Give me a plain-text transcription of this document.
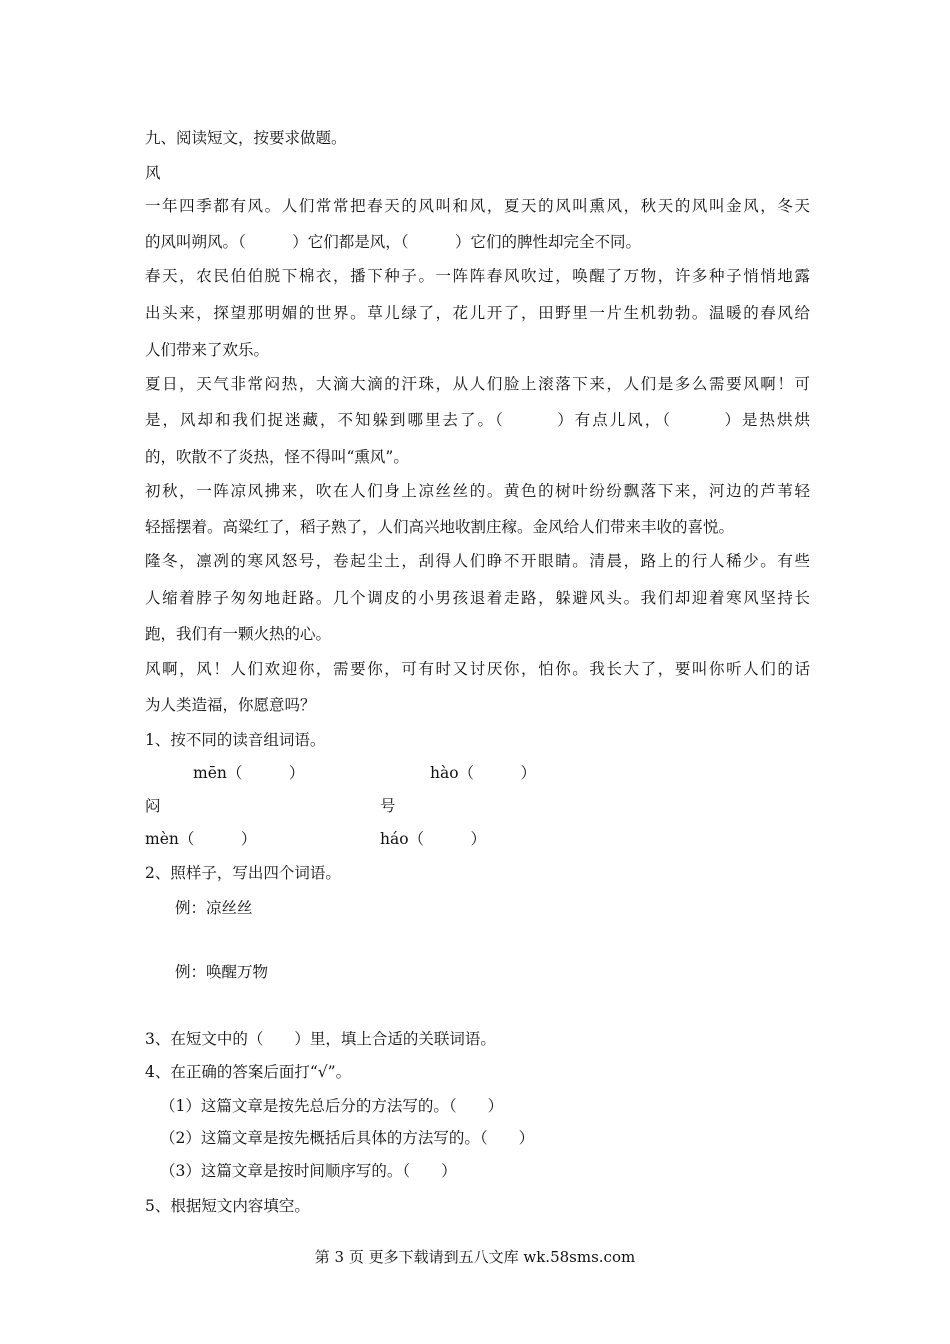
九、阅读短文，按要求做题。
风
一年四季都有风。人们常常把春天的风叫和风，夏天的风叫熏风，秋天的风叫金风，冬天
的风叫朔风。（　　　）它们都是风，（　　　）它们的脾性却完全不同。
春天，农民伯伯脱下棉衣，播下种子。一阵阵春风吹过，唤醒了万物，许多种子悄悄地露
出头来，探望那明媚的世界。草儿绿了，花儿开了，田野里一片生机勃勃。温暖的春风给
人们带来了欢乐。
夏日，天气非常闷热，大滴大滴的汗珠，从人们脸上滚落下来，人们是多么需要风啊！可
是，风却和我们捉迷藏，不知躲到哪里去了。（　　　）有点儿风，（　　　）是热烘烘
的，吹散不了炎热，怪不得叫“熏风”。
初秋，一阵凉风拂来，吹在人们身上凉丝丝的。黄色的树叶纷纷飘落下来，河边的芦苇轻
轻摇摆着。高粱红了，稻子熟了，人们高兴地收割庄稼。金风给人们带来丰收的喜悦。
隆冬，凛冽的寒风怒号，卷起尘土，刮得人们睁不开眼睛。清晨，路上的行人稀少。有些
人缩着脖子匆匆地赶路。几个调皮的小男孩退着走路，躲避风头。我们却迎着寒风坚持长
跑，我们有一颗火热的心。
风啊，风！人们欢迎你，需要你，可有时又讨厌你，怕你。我长大了，要叫你听人们的话
为人类造福，你愿意吗？
1、按不同的读音组词语。
mēn（　　　）	hào（　　　）
闷	号
mèn（　　　）	háo（　　　）
2、照样子，写出四个词语。
例：凉丝丝
例：唤醒万物
3、在短文中的（　　）里，填上合适的关联词语。
4、在正确的答案后面打“√”。
（1）这篇文章是按先总后分的方法写的。（　　）
（2）这篇文章是按先概括后具体的方法写的。（　　）
（3）这篇文章是按时间顺序写的。（　　）
5、根据短文内容填空。
第 3 页 更多下载请到五八文库 wk.58sms.com
